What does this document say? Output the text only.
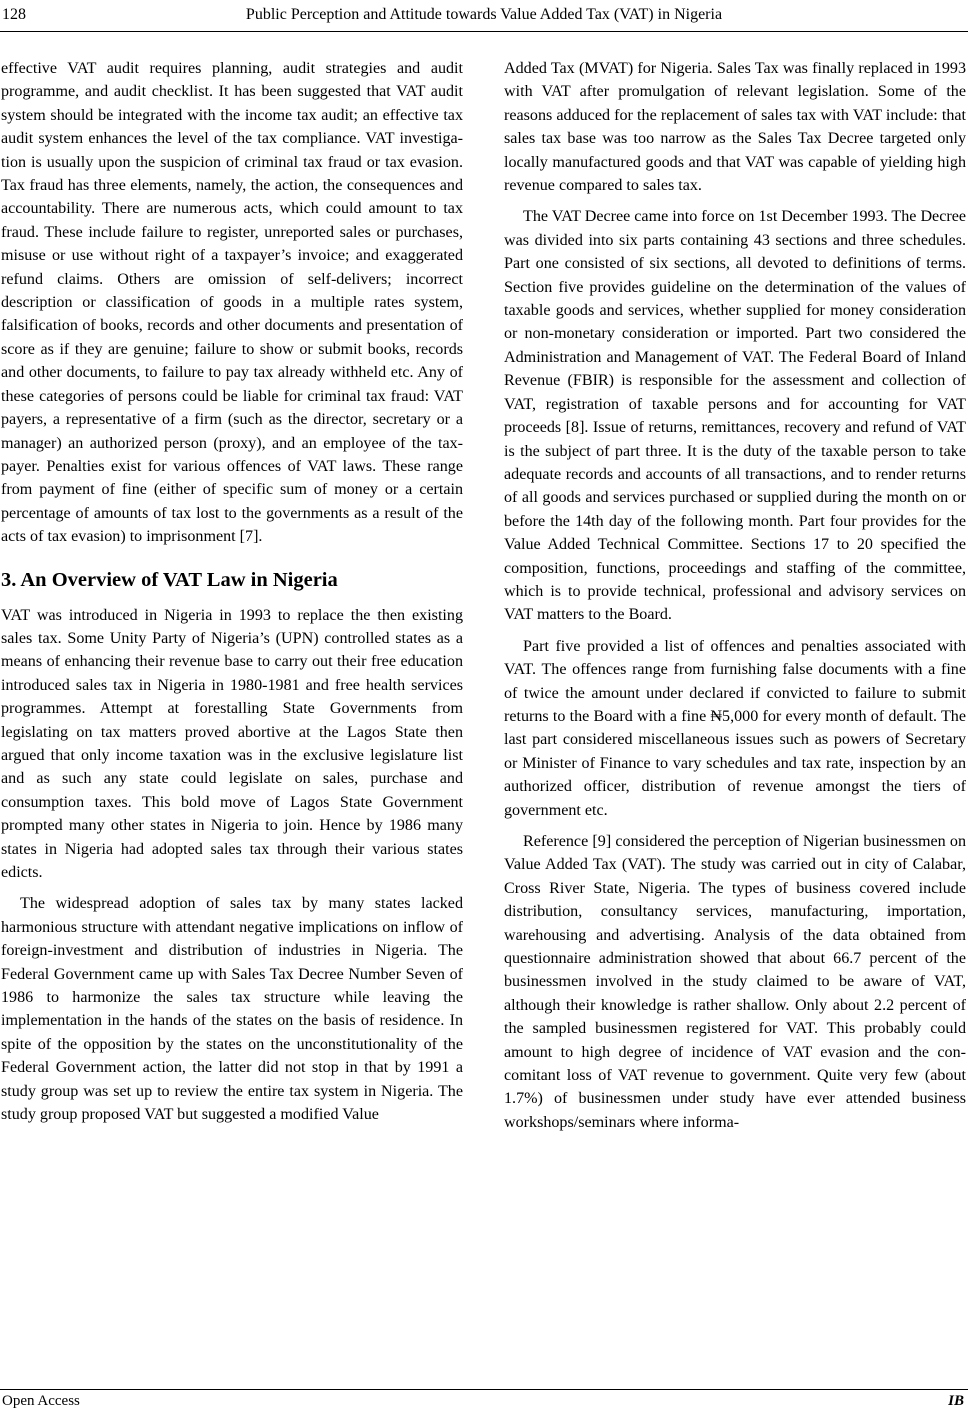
128	Public Perception and Attitude towards Value Added Tax (VAT) in Nigeria

effective VAT audit requires planning, audit strategies and audit programme, and audit checklist. It has been suggested that VAT audit system should be integrated with the income tax audit; an effective tax audit system enhances the level of the tax compliance. VAT investigation is usually upon the suspicion of criminal tax fraud or tax evasion. Tax fraud has three elements, namely, the action, the consequences and accountability. There are numerous acts, which could amount to tax fraud. These include failure to register, unreported sales or purchases, misuse or use without right of a taxpayer’s invoice; and exaggerated refund claims. Others are omission of self-delivers; incorrect description or classification of goods in a multiple rates system, falsification of books, records and other documents and presentation of score as if they are genuine; failure to show or submit books, records and other documents, to failure to pay tax already withheld etc. Any of these categories of persons could be liable for criminal tax fraud: VAT payers, a representative of a firm (such as the director, secretary or a manager) an authorized person (proxy), and an employee of the taxpayer. Penalties exist for various offences of VAT laws. These range from payment of fine (either of specific sum of money or a certain percentage of amounts of tax lost to the governments as a result of the acts of tax evasion) to imprisonment [7].

3. An Overview of VAT Law in Nigeria

VAT was introduced in Nigeria in 1993 to replace the then existing sales tax. Some Unity Party of Nigeria’s (UPN) controlled states as a means of enhancing their revenue base to carry out their free education introduced sales tax in Nigeria in 1980-1981 and free health services programmes. Attempt at forestalling State Governments from legislating on tax matters proved abortive at the Lagos State then argued that only income taxation was in the exclusive legislature list and as such any state could legislate on sales, purchase and consumption taxes. This bold move of Lagos State Government prompted many other states in Nigeria to join. Hence by 1986 many states in Nigeria had adopted sales tax through their various states edicts.

The widespread adoption of sales tax by many states lacked harmonious structure with attendant negative implications on inflow of foreign-investment and distribution of industries in Nigeria. The Federal Government came up with Sales Tax Decree Number Seven of 1986 to harmonize the sales tax structure while leaving the implementation in the hands of the states on the basis of residence. In spite of the opposition by the states on the unconstitutionality of the Federal Government action, the latter did not stop in that by 1991 a study group was set up to review the entire tax system in Nigeria. The study group proposed VAT but suggested a modified Value

Added Tax (MVAT) for Nigeria. Sales Tax was finally replaced in 1993 with VAT after promulgation of relevant legislation. Some of the reasons adduced for the replacement of sales tax with VAT include: that sales tax base was too narrow as the Sales Tax Decree targeted only locally manufactured goods and that VAT was capable of yielding high revenue compared to sales tax.

The VAT Decree came into force on 1st December 1993. The Decree was divided into six parts containing 43 sections and three schedules. Part one consisted of six sections, all devoted to definitions of terms. Section five provides guideline on the determination of the values of taxable goods and services, whether supplied for money consideration or non-monetary consideration or imported. Part two considered the Administration and Management of VAT. The Federal Board of Inland Revenue (FBIR) is responsible for the assessment and collection of VAT, registration of taxable persons and for accounting for VAT proceeds [8]. Issue of returns, remittances, recovery and refund of VAT is the subject of part three. It is the duty of the taxable person to take adequate records and accounts of all transactions, and to render returns of all goods and services purchased or supplied during the month on or before the 14th day of the following month. Part four provides for the Value Added Technical Committee. Sections 17 to 20 specified the composition, functions, proceedings and staffing of the committee, which is to provide technical, professional and advisory services on VAT matters to the Board.

Part five provided a list of offences and penalties associated with VAT. The offences range from furnishing false documents with a fine of twice the amount under declared if convicted to failure to submit returns to the Board with a fine ₦5,000 for every month of default. The last part considered miscellaneous issues such as powers of Secretary or Minister of Finance to vary schedules and tax rate, inspection by an authorized officer, distribution of revenue amongst the tiers of government etc.

Reference [9] considered the perception of Nigerian businessmen on Value Added Tax (VAT). The study was carried out in city of Calabar, Cross River State, Nigeria. The types of business covered include distribution, consultancy services, manufacturing, importation, warehousing and advertising. Analysis of the data obtained from questionnaire administration showed that about 66.7 percent of the businessmen involved in the study claimed to be aware of VAT, although their knowledge is rather shallow. Only about 2.2 percent of the sampled businessmen registered for VAT. This probably could amount to high degree of incidence of VAT evasion and the concomitant loss of VAT revenue to government. Quite very few (about 1.7%) of businessmen under study have ever attended business workshops/seminars where informa-

Open Access	IB
